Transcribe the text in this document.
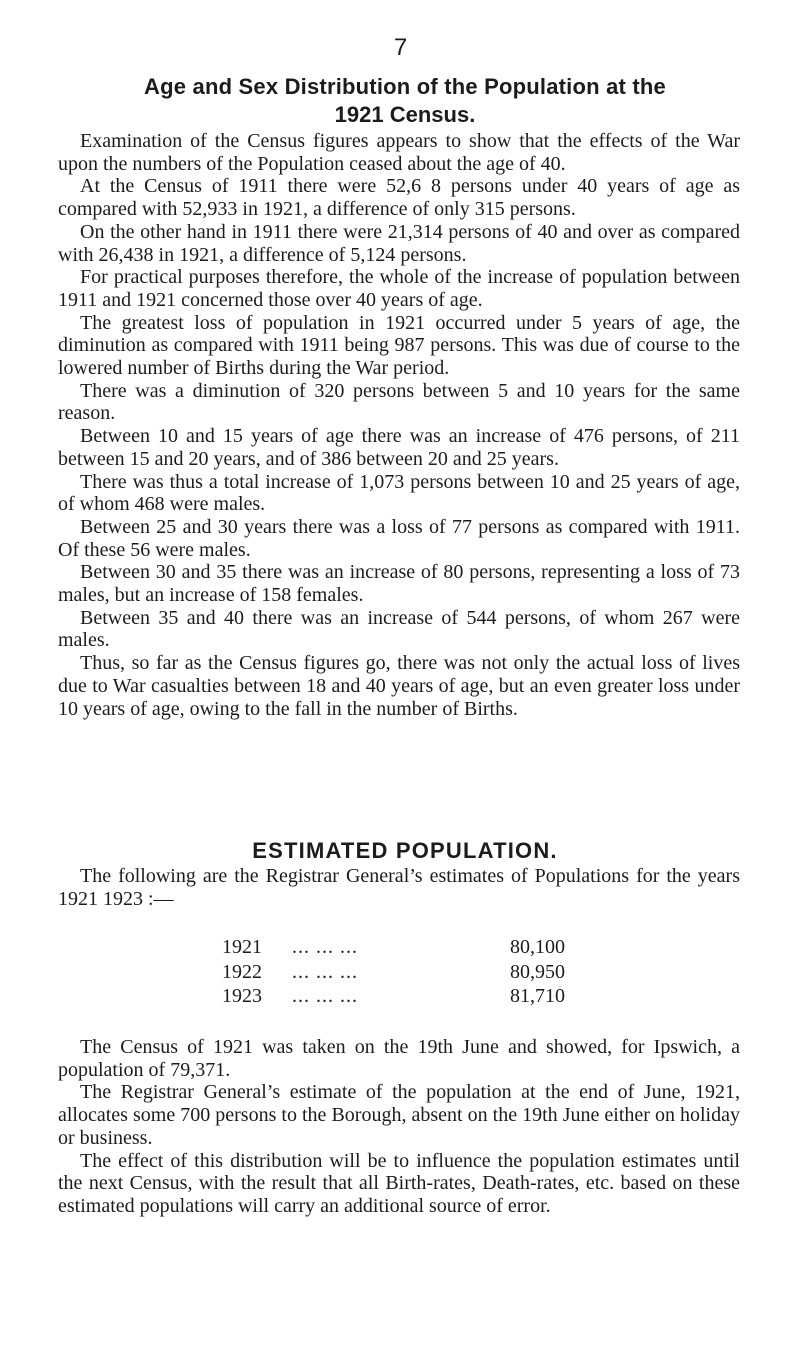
7
Age and Sex Distribution of the Population at the
1921 Census.

Examination of the Census figures appears to show that the effects of the War upon the numbers of the Population ceased about the age of 40.

At the Census of 1911 there were 52,6 8 persons under 40 years of age as compared with 52,933 in 1921, a difference of only 315 persons.

On the other hand in 1911 there were 21,314 persons of 40 and over as compared with 26,438 in 1921, a difference of 5,124 persons.

For practical purposes therefore, the whole of the increase of population between 1911 and 1921 concerned those over 40 years of age.

The greatest loss of population in 1921 occurred under 5 years of age, the diminution as compared with 1911 being 987 persons. This was due of course to the lowered number of Births during the War period.

There was a diminution of 320 persons between 5 and 10 years for the same reason.

Between 10 and 15 years of age there was an increase of 476 persons, of 211 between 15 and 20 years, and of 386 between 20 and 25 years.

There was thus a total increase of 1,073 persons between 10 and 25 years of age, of whom 468 were males.

Between 25 and 30 years there was a loss of 77 persons as compared with 1911. Of these 56 were males.

Between 30 and 35 there was an increase of 80 persons, representing a loss of 73 males, but an increase of 158 females.

Between 35 and 40 there was an increase of 544 persons, of whom 267 were males.

Thus, so far as the Census figures go, there was not only the actual loss of lives due to War casualties between 18 and 40 years of age, but an even greater loss under 10 years of age, owing to the fall in the number of Births.

ESTIMATED POPULATION.

The following are the Registrar General’s estimates of Populations for the years 1921 1923 :—

1921	... ... ...	80,100
1922	... ... ...	80,950
1923	... ... ...	81,710

The Census of 1921 was taken on the 19th June and showed, for Ipswich, a population of 79,371.

The Registrar General’s estimate of the population at the end of June, 1921, allocates some 700 persons to the Borough, absent on the 19th June either on holiday or business.

The effect of this distribution will be to influence the population estimates until the next Census, with the result that all Birth-rates, Death-rates, etc. based on these estimated populations will carry an additional source of error.
